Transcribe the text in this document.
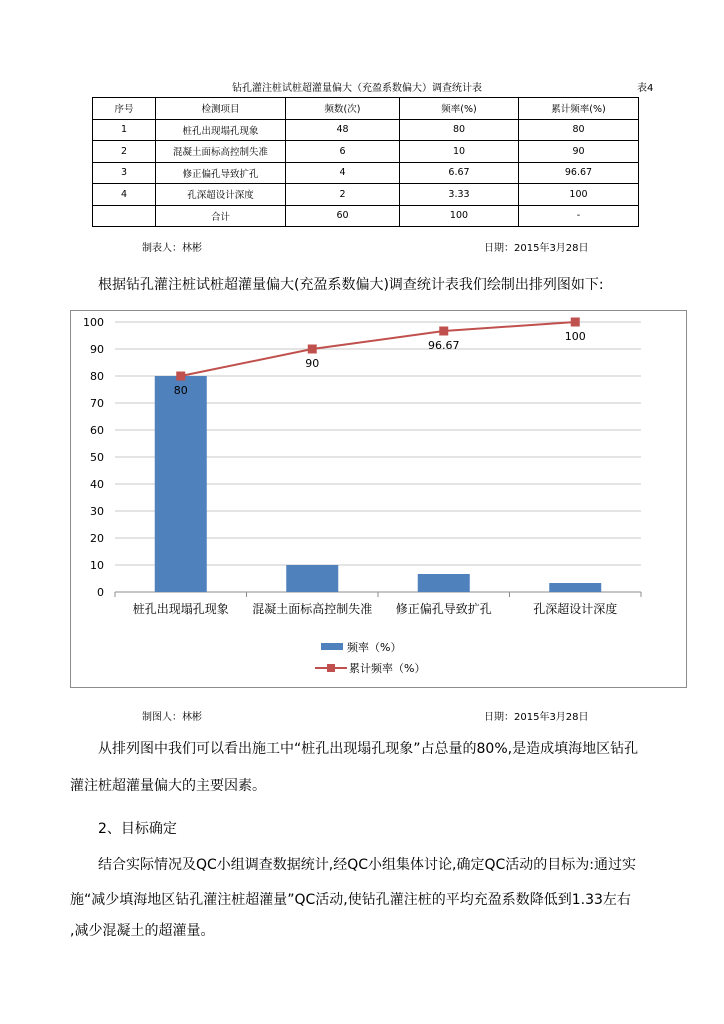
钻孔灌注桩试桩超灌量偏大（充盈系数偏大）调查统计表	表4
序号	检测项目	频数(次)	频率(%)	累计频率(%)
1	桩孔出现塌孔现象	48	80	80
2	混凝土面标高控制失准	6	10	90
3	修正偏孔导致扩孔	4	6.67	96.67
4	孔深超设计深度	2	3.33	100
	合计	60	100	-
制表人：林彬	日期：2015年3月28日
根据钻孔灌注桩试桩超灌量偏大(充盈系数偏大)调查统计表我们绘制出排列图如下:
0
10
20
30
40
50
60
70
80
90
100
桩孔出现塌孔现象 混凝土面标高控制失准 修正偏孔导致扩孔	孔深超设计深度
80
90
96.67
100
频率（%）
累计频率（%）
制图人：林彬	日期：2015年3月28日
从排列图中我们可以看出施工中“桩孔出现塌孔现象”占总量的80%,是造成填海地区钻孔
灌注桩超灌量偏大的主要因素。
2、目标确定
结合实际情况及QC小组调查数据统计,经QC小组集体讨论,确定QC活动的目标为:通过实
施“减少填海地区钻孔灌注桩超灌量”QC活动,使钻孔灌注桩的平均充盈系数降低到1.33左右
,减少混凝土的超灌量。
